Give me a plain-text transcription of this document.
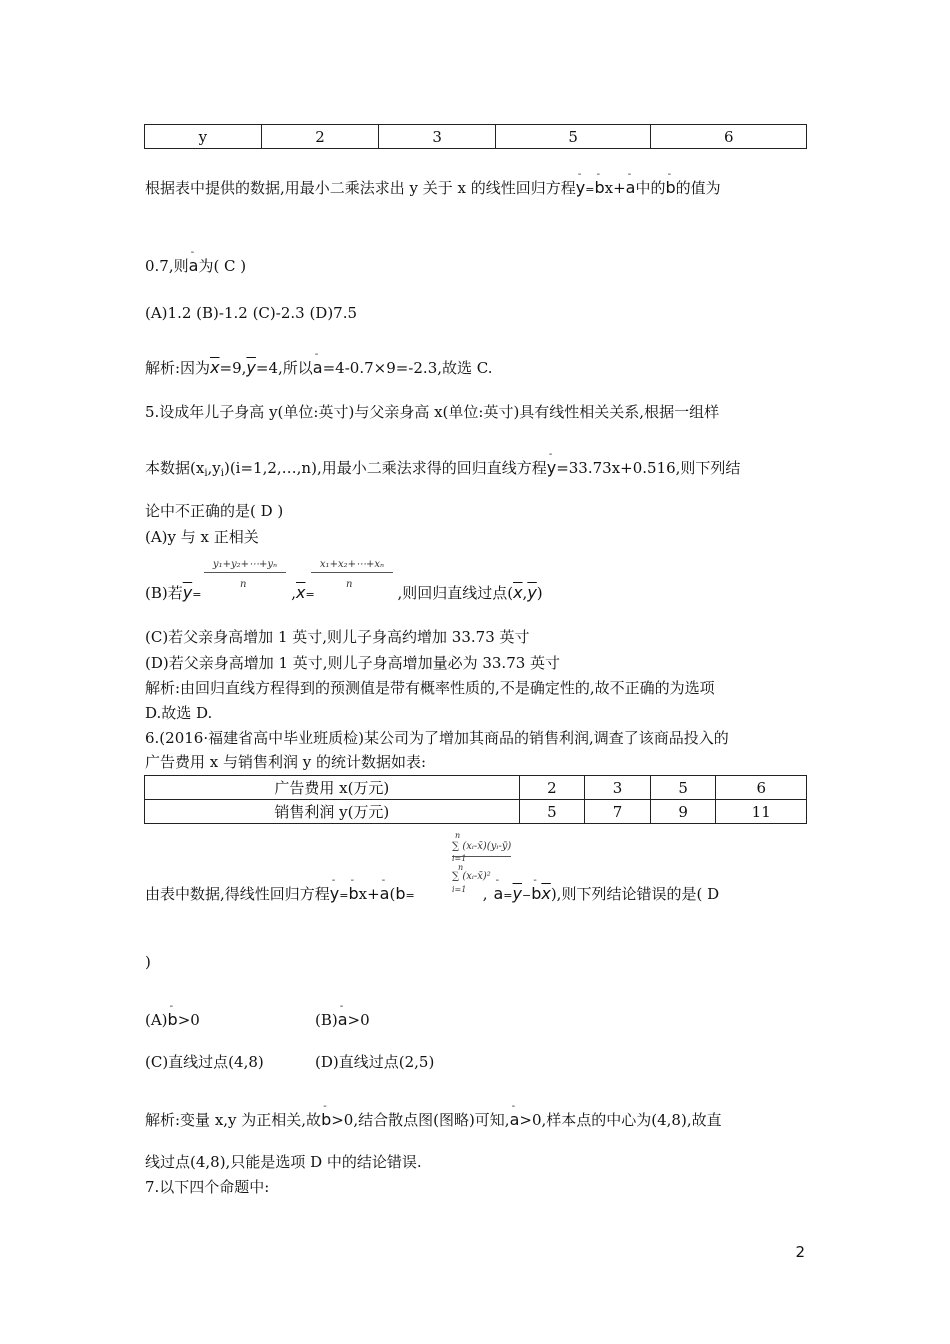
y	2	3	5	6
根据表中提供的数据,用最小二乘法求出 y 关于 x 的线性回归方程
-
y=
-
bx+
-
a中的
-
b的值为
0.7,则
-
a为( C )
(A)1.2 (B)-1.2 (C)-2.3 (D)7.5
解析:因为$\overline{x}=9,\overline{y}=4$,所以
-
a=4-0.7×9=-2.3,故选 C.
5.设成年儿子身高 y(单位:英寸)与父亲身高 x(单位:英寸)具有线性相关关系,根据一组样
本数据$(x_i,y_i)(i=1,2,\dots,n)$,用最小二乘法求得的回归直线方程
-
y=33.73x+0.516,则下列结
论中不正确的是( D )
(A)y 与 x 正相关
(B)若$\overline{y}=$	$,\overline{x}=$	,则回归直线过点$(\overline{x},\overline{y})$
y₁+y₂+⋯+yₙ
n
x₁+x₂+⋯+xₙ
n
(C)若父亲身高增加 1 英寸,则儿子身高约增加 33.73 英寸
(D)若父亲身高增加 1 英寸,则儿子身高增加量必为 33.73 英寸
解析:由回归直线方程得到的预测值是带有概率性质的,不是确定性的,故不正确的为选项
D.故选 D.
6.(2016·福建省高中毕业班质检)某公司为了增加其商品的销售利润,调查了该商品投入的
广告费用 x 与销售利润 y 的统计数据如表:
广告费用 x(万元)	2	3	5	6
销售利润 y(万元)	5	7	9	11
由表中数据,得线性回归方程
-
y=
-
bx+
-
a(b=	,
-
$a=\overline{y}-$
-
$b\overline{x}$),则下列结论错误的是( D
n
∑ (xᵢ-x̄)(yᵢ-ȳ)
i=1
n
∑ (xᵢ-x̄)²
i=1
)
(A)
-
b>0	(B)
-
a>0
(C)直线过点(4,8)	(D)直线过点(2,5)
解析:变量 x,y 为正相关,故
-
b>0,结合散点图(图略)可知,
-
a>0,样本点的中心为(4,8),故直
线过点(4,8),只能是选项 D 中的结论错误.
7.以下四个命题中:
2
